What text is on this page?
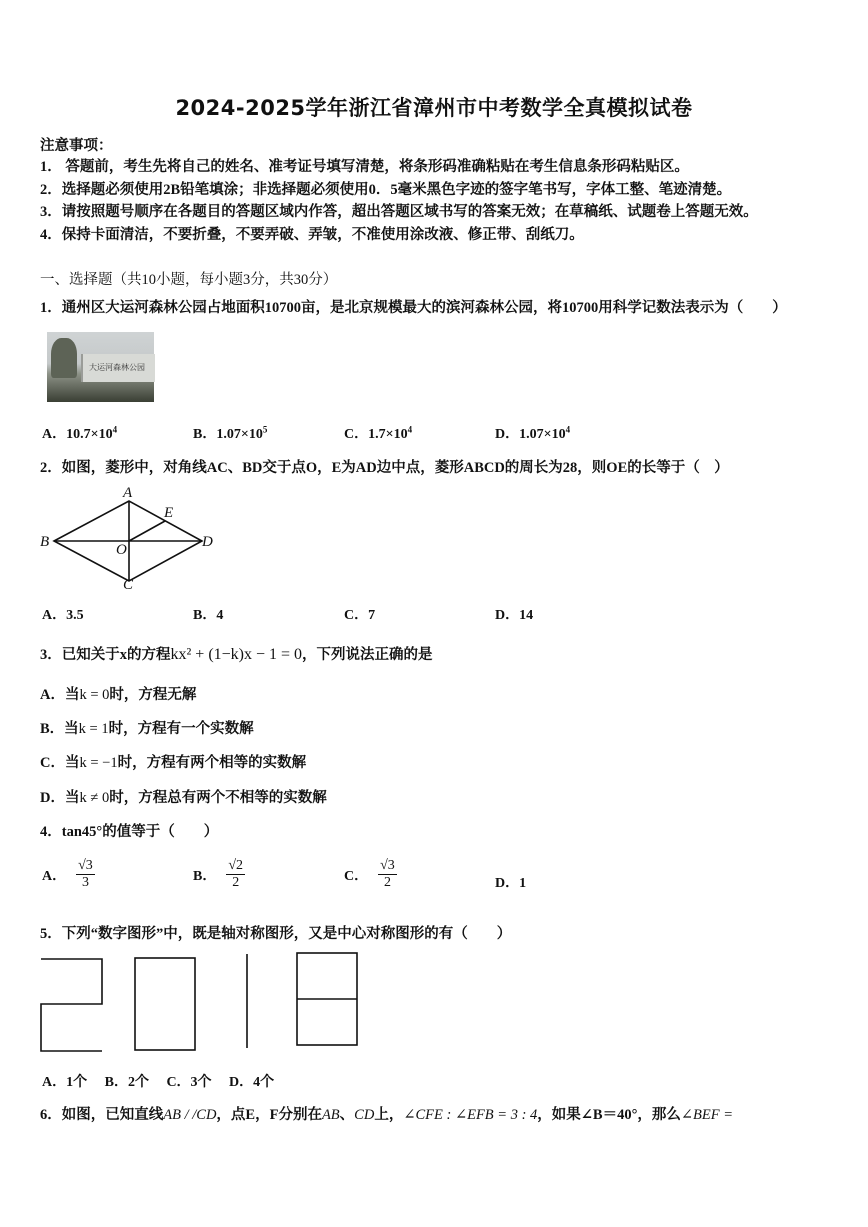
2024-2025学年浙江省漳州市中考数学全真模拟试卷
注意事项：
1． 答题前，考生先将自己的姓名、准考证号填写清楚，将条形码准确粘贴在考生信息条形码粘贴区。
2．选择题必须使用2B铅笔填涂；非选择题必须使用0．5毫米黑色字迹的签字笔书写，字体工整、笔迹清楚。
3．请按照题号顺序在各题目的答题区域内作答，超出答题区域书写的答案无效；在草稿纸、试题卷上答题无效。
4．保持卡面清洁，不要折叠，不要弄破、弄皱，不准使用涂改液、修正带、刮纸刀。
一、选择题（共10小题，每小题3分，共30分）
1．通州区大运河森林公园占地面积10700亩，是北京规模最大的滨河森林公园，将10700用科学记数法表示为（　　）
大运河森林公园
A．$10.7\times 10^4$	B．$1.07\times 10^5$	C．$1.7\times 10^4$	D．$1.07\times 10^4$
2．如图，菱形中，对角线AC、BD交于点O，E为AD边中点，菱形ABCD的周长为28，则OE的长等于（　）
A
B
C
D
E
O
A．3.5	B．4	C．7	D．14
3．已知关于x的方程kx² + (1−k)x − 1 = 0，下列说法正确的是
A．当k = 0时，方程无解
B．当k = 1时，方程有一个实数解
C．当k = −1时，方程有两个相等的实数解
D．当k ≠ 0时，方程总有两个不相等的实数解
4．tan45°的值等于（　　）
A． $\frac{√3}{3}$	B． $\frac{√2}{2}$	C． $\frac{√3}{2}$	D．1
5．下列“数字图形”中，既是轴对称图形，又是中心对称图形的有（　　）
A．1个　 B．2个　 C．3个　 D．4个
6．如图，已知直线AB / /CD，点E，F分别在AB、CD上，∠CFE : ∠EFB = 3 : 4，如果∠B＝40°，那么∠BEF =
